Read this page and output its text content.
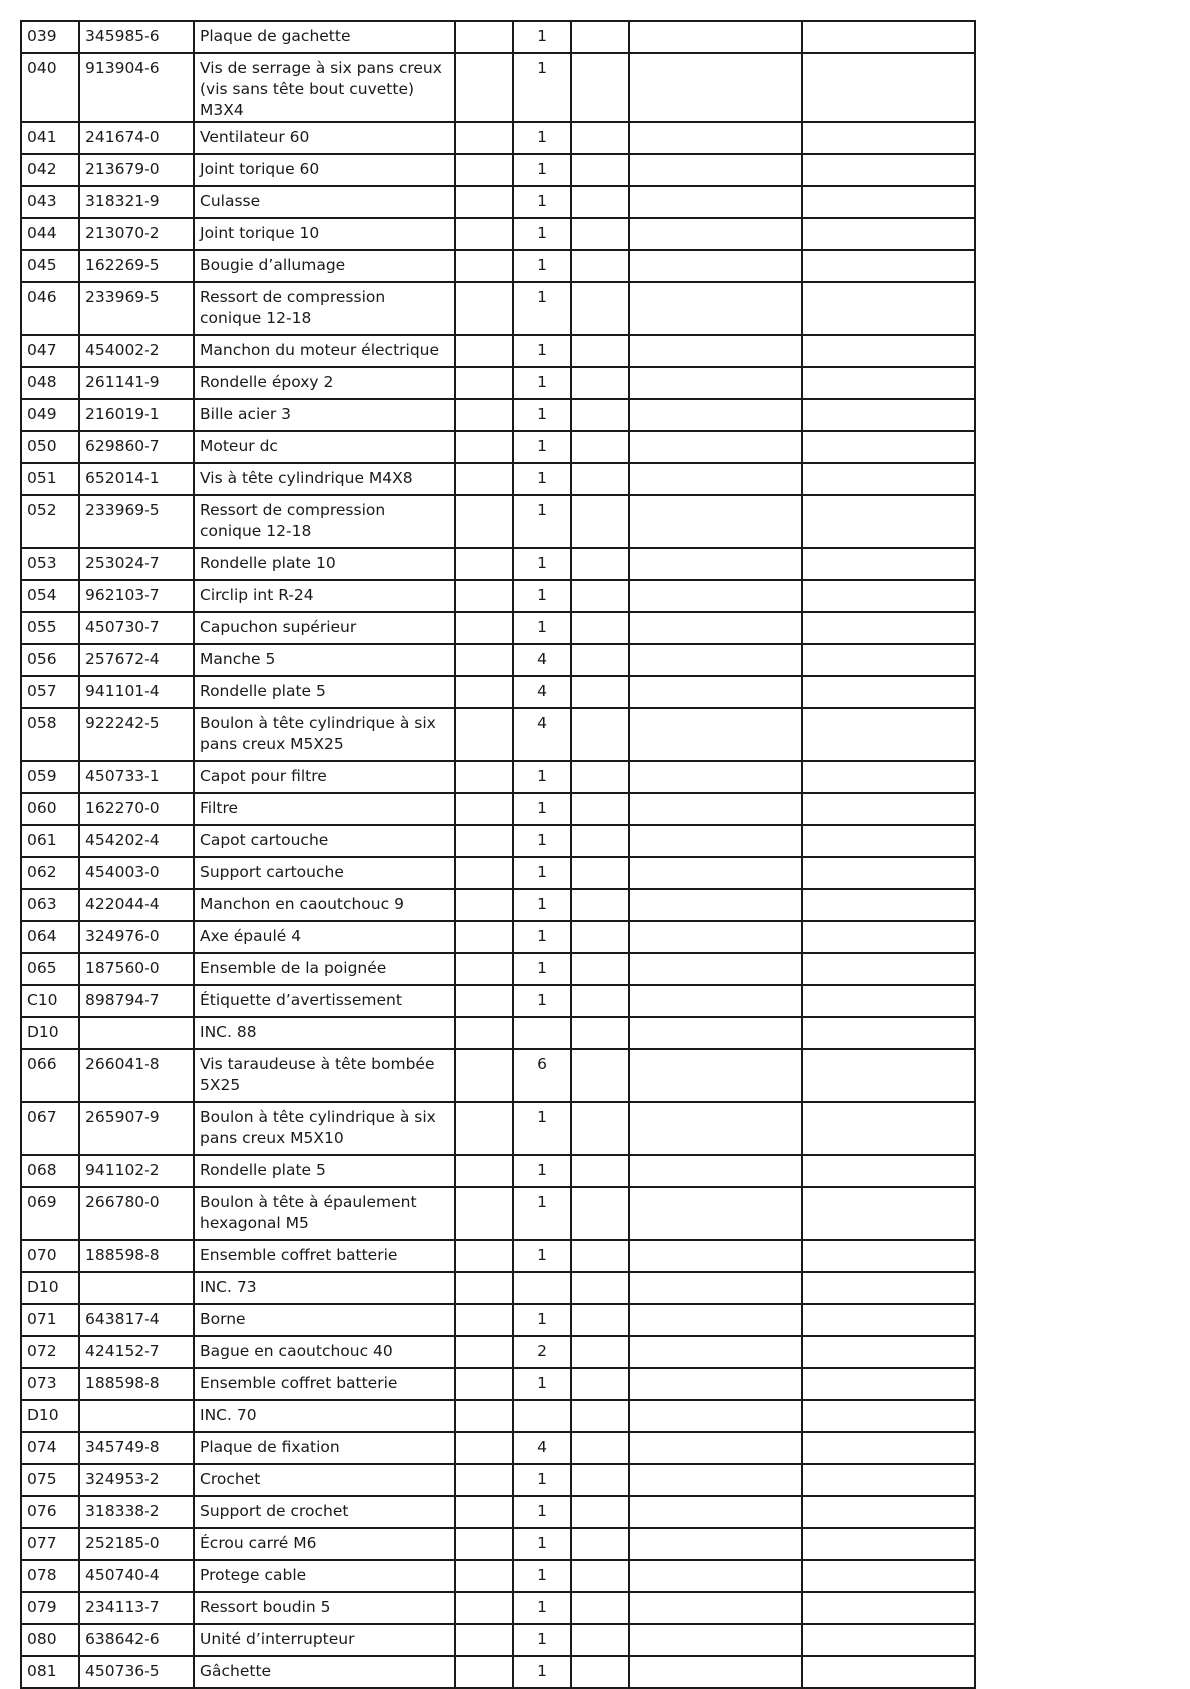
039	345985-6	Plaque de gachette		1			
040	913904-6	Vis de serrage à six pans creux (vis sans tête bout cuvette) M3X4		1			
041	241674-0	Ventilateur 60		1			
042	213679-0	Joint torique 60		1			
043	318321-9	Culasse		1			
044	213070-2	Joint torique 10		1			
045	162269-5	Bougie d’allumage		1			
046	233969-5	Ressort de compression conique 12-18		1			
047	454002-2	Manchon du moteur électrique		1			
048	261141-9	Rondelle époxy 2		1			
049	216019-1	Bille acier 3		1			
050	629860-7	Moteur dc		1			
051	652014-1	Vis à tête cylindrique M4X8		1			
052	233969-5	Ressort de compression conique 12-18		1			
053	253024-7	Rondelle plate 10		1			
054	962103-7	Circlip int R-24		1			
055	450730-7	Capuchon supérieur		1			
056	257672-4	Manche 5		4			
057	941101-4	Rondelle plate 5		4			
058	922242-5	Boulon à tête cylindrique à six pans creux M5X25		4			
059	450733-1	Capot pour filtre		1			
060	162270-0	Filtre		1			
061	454202-4	Capot cartouche		1			
062	454003-0	Support cartouche		1			
063	422044-4	Manchon en caoutchouc 9		1			
064	324976-0	Axe épaulé 4		1			
065	187560-0	Ensemble de la poignée		1			
C10	898794-7	Étiquette d’avertissement		1			
D10		INC. 88					
066	266041-8	Vis taraudeuse à tête bombée 5X25		6			
067	265907-9	Boulon à tête cylindrique à six pans creux M5X10		1			
068	941102-2	Rondelle plate 5		1			
069	266780-0	Boulon à tête à épaulement hexagonal M5		1			
070	188598-8	Ensemble coffret batterie		1			
D10		INC. 73					
071	643817-4	Borne		1			
072	424152-7	Bague en caoutchouc 40		2			
073	188598-8	Ensemble coffret batterie		1			
D10		INC. 70					
074	345749-8	Plaque de fixation		4			
075	324953-2	Crochet		1			
076	318338-2	Support de crochet		1			
077	252185-0	Écrou carré M6		1			
078	450740-4	Protege cable		1			
079	234113-7	Ressort boudin 5		1			
080	638642-6	Unité d’interrupteur		1			
081	450736-5	Gâchette		1			
